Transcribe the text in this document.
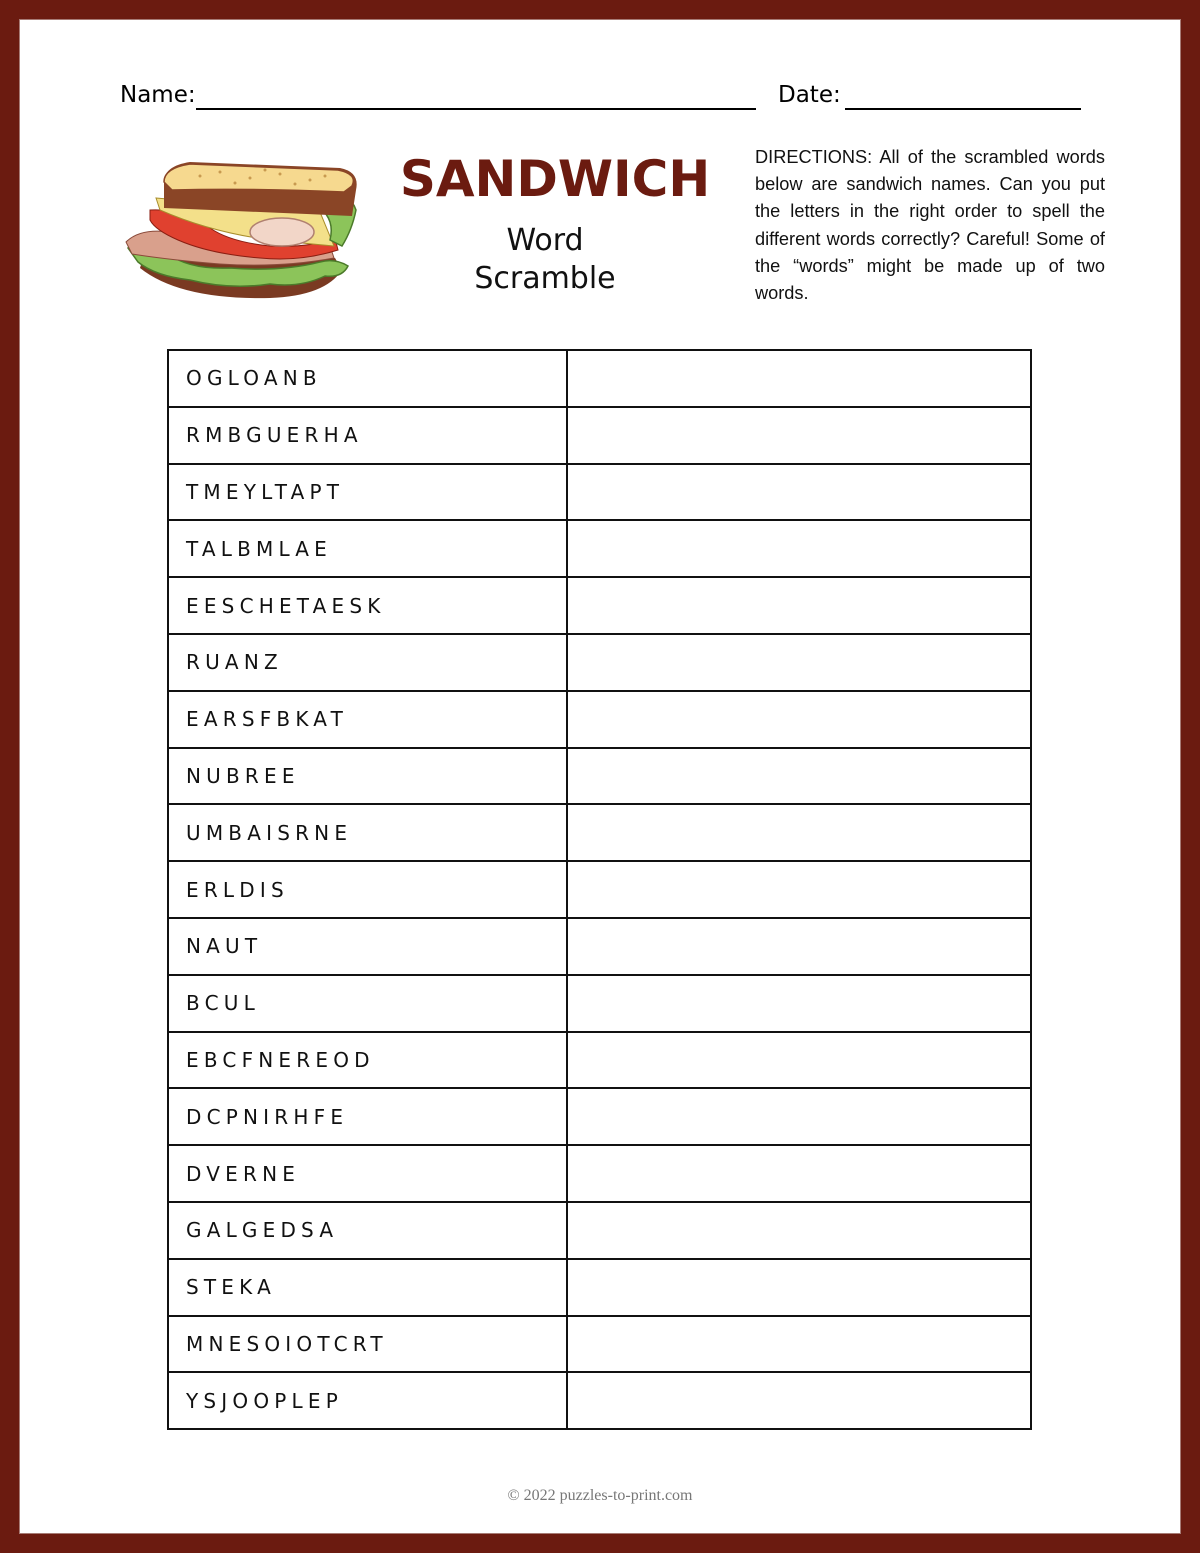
Name:	Date:
SANDWICH
Word
Scramble
DIRECTIONS: All of the scrambled words below are sandwich names. Can you put the letters in the right order to spell the different words correctly? Careful! Some of the “words” might be made up of two words.
OGLOANB	
RMBGUERHA	
TMEYLTAPT	
TALBMLAE	
EESCHETAESK	
RUANZ	
EARSFBKAT	
NUBREE	
UMBAISRNE	
ERLDIS	
NAUT	
BCUL	
EBCFNEREOD	
DCPNIRHFE	
DVERNE	
GALGEDSA	
STEKA	
MNESOIOTCRT	
YSJOOPLEP	
© 2022 puzzles-to-print.com
